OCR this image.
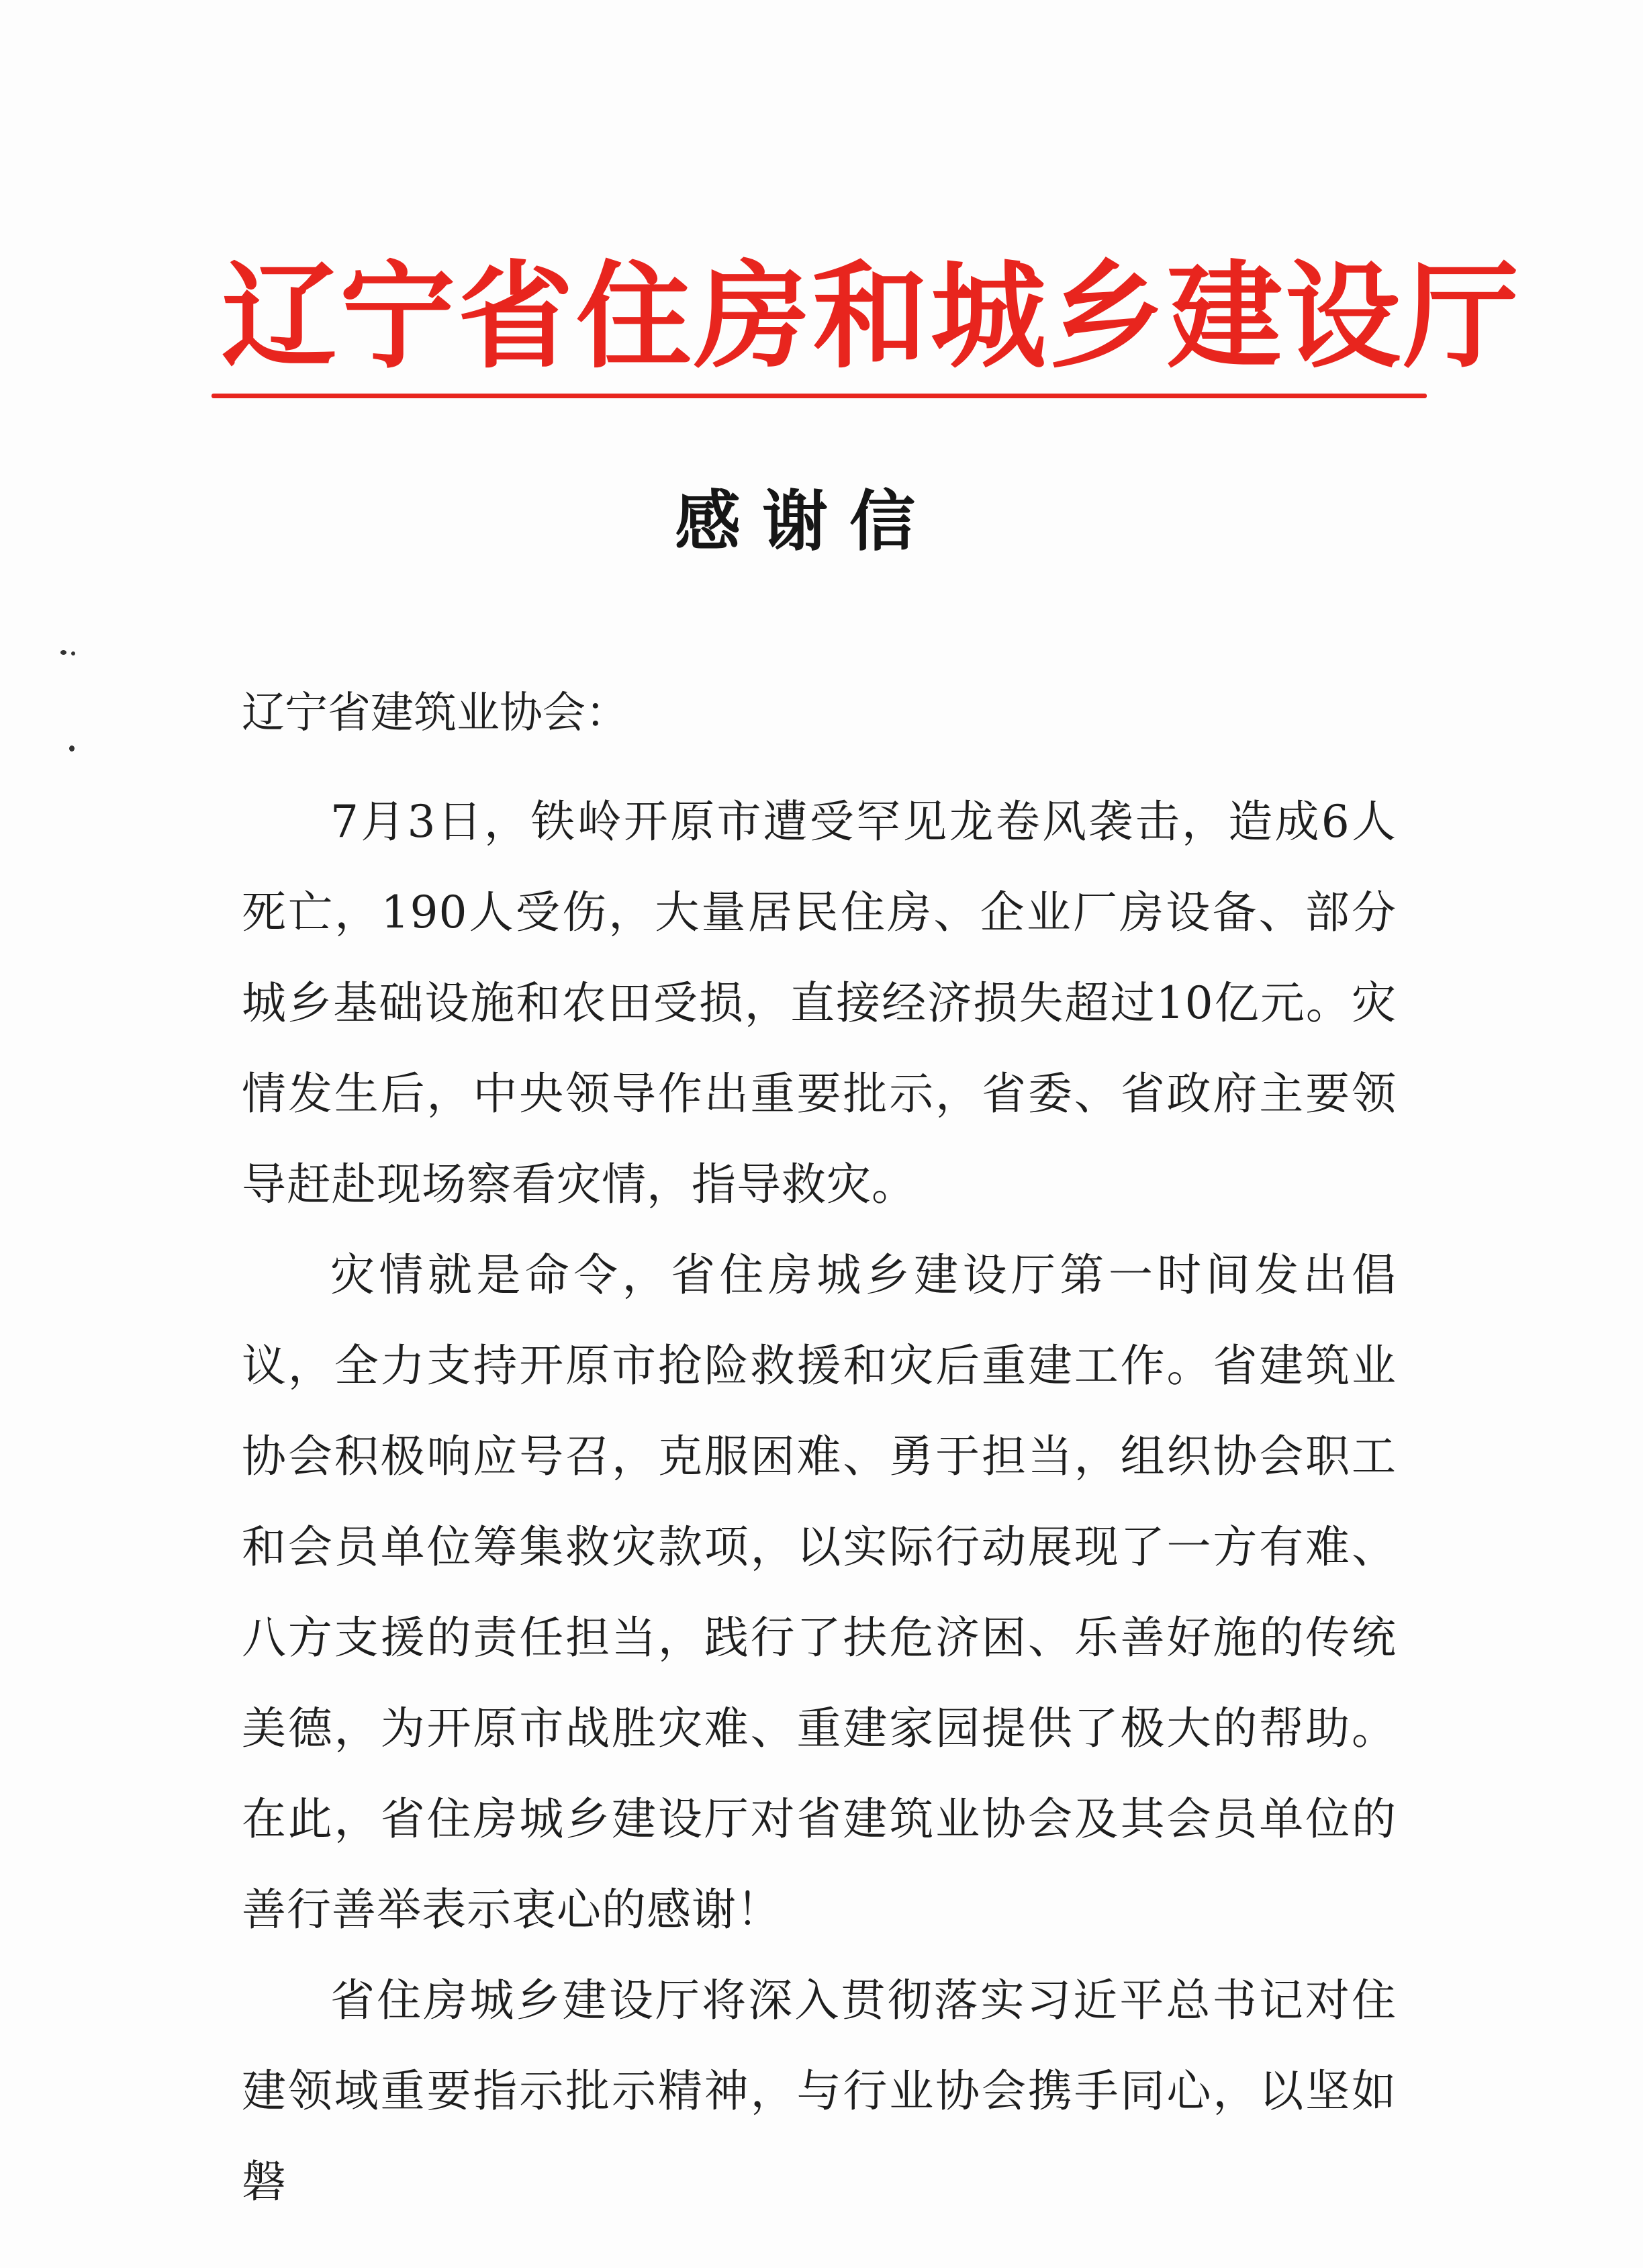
辽宁省住房和城乡建设厅
感谢信
辽宁省建筑业协会：

7月3日，铁岭开原市遭受罕见龙卷风袭击，造成6人死亡，190人受伤，大量居民住房、企业厂房设备、部分城乡基础设施和农田受损，直接经济损失超过10亿元。灾情发生后，中央领导作出重要批示，省委、省政府主要领导赶赴现场察看灾情，指导救灾。

灾情就是命令，省住房城乡建设厅第一时间发出倡议，全力支持开原市抢险救援和灾后重建工作。省建筑业协会积极响应号召，克服困难、勇于担当，组织协会职工和会员单位筹集救灾款项，以实际行动展现了一方有难、八方支援的责任担当，践行了扶危济困、乐善好施的传统美德，为开原市战胜灾难、重建家园提供了极大的帮助。在此，省住房城乡建设厅对省建筑业协会及其会员单位的善行善举表示衷心的感谢！

省住房城乡建设厅将深入贯彻落实习近平总书记对住建领域重要指示批示精神，与行业协会携手同心，以坚如磐
